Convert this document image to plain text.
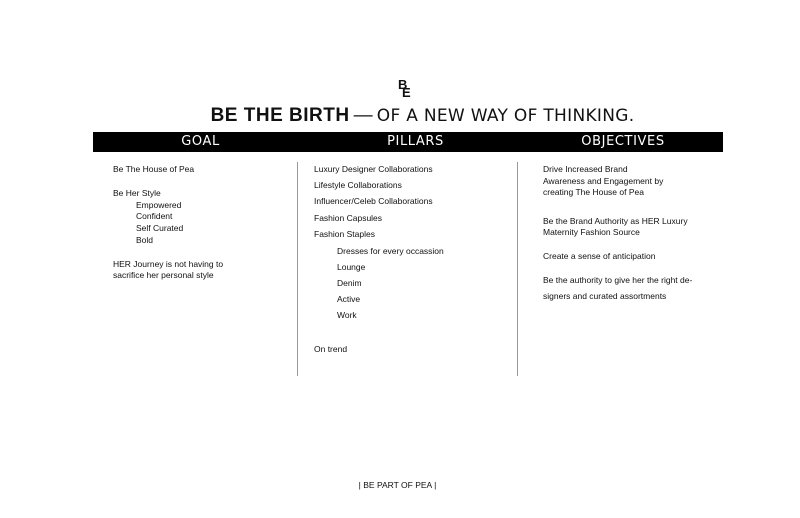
B
E
BE THE BIRTH — OF A NEW WAY OF THINKING.
GOAL	PILLARS	OBJECTIVES
Be The House of Pea
Be Her Style
Empowered
Confident
Self Curated
Bold
HER Journey is not having to
sacrifice her personal style
Luxury Designer Collaborations
Lifestyle Collaborations
Influencer/Celeb Collaborations
Fashion Capsules
Fashion Staples
Dresses for every occassion
Lounge
Denim
Active
Work
On trend
Drive Increased Brand
Awareness and Engagement by
creating The House of Pea
Be the Brand Authority as HER Luxury
Maternity Fashion Source
Create a sense of anticipation
Be the authority to give her the right de-
signers and curated assortments
| BE PART OF PEA |
